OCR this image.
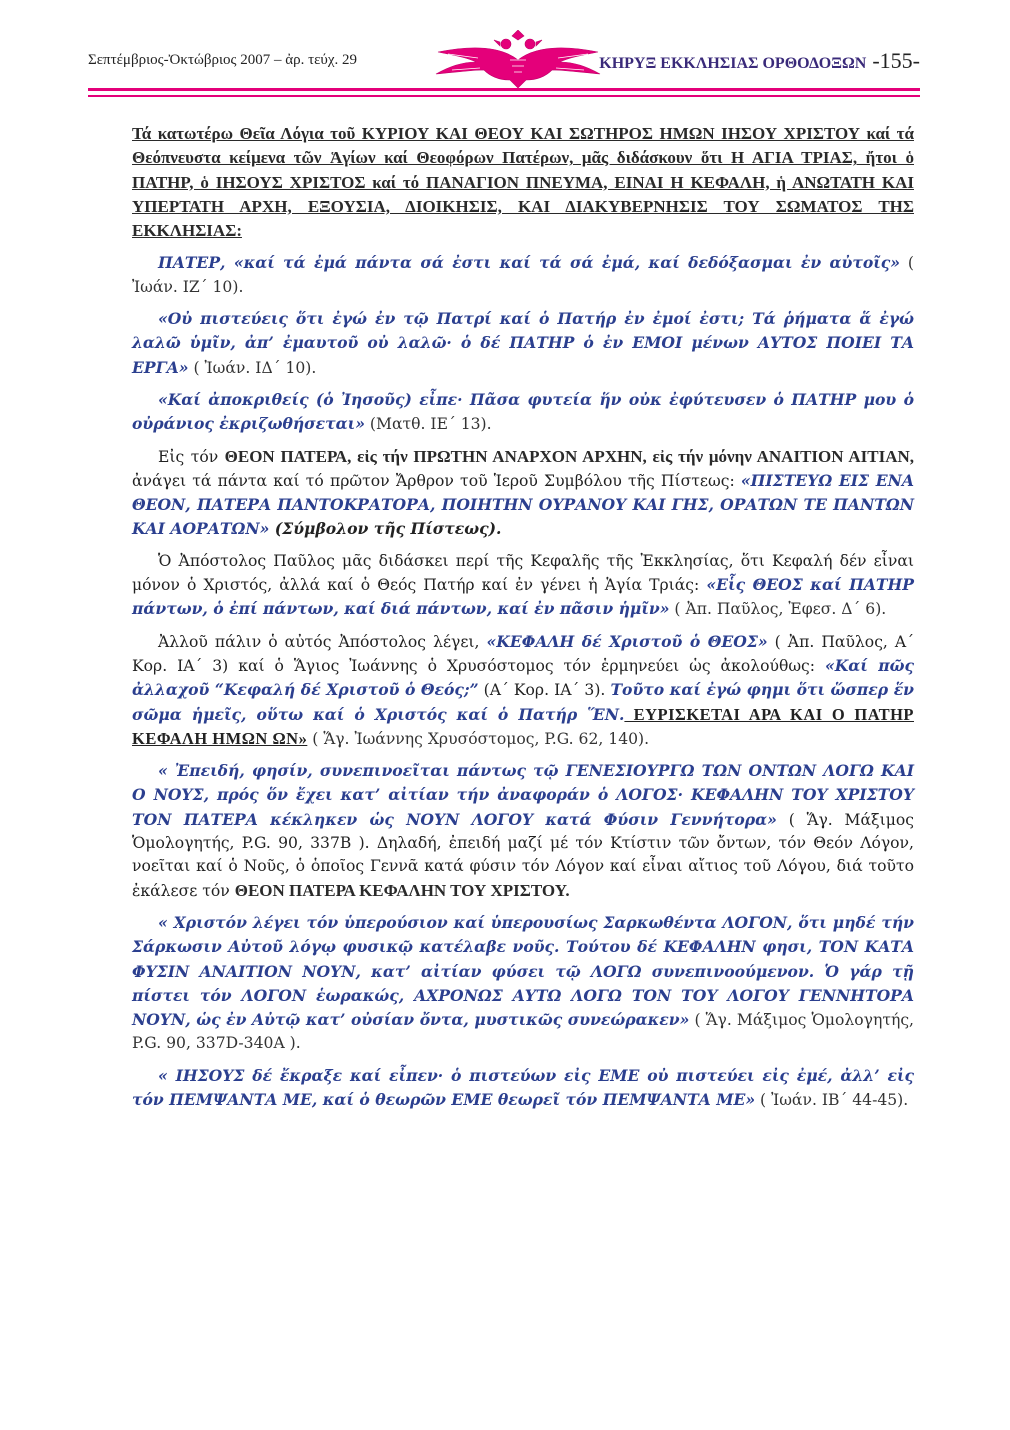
Σεπτέμβριος-Ὀκτώβριος 2007 – ἀρ. τεύχ. 29	ΚΗΡΥΞ ΕΚΚΛΗΣΙΑΣ ΟΡΘΟΔΟΞΩΝ -155-

Τά κατωτέρω Θεῖα Λόγια τοῦ ΚΥΡΙΟΥ ΚΑΙ ΘΕΟΥ ΚΑΙ ΣΩΤΗΡΟΣ ΗΜΩΝ ΙΗΣΟΥ ΧΡΙΣΤΟΥ καί τά Θεόπνευστα κείμενα τῶν Ἁγίων καί Θεοφόρων Πατέρων, μᾶς διδάσκουν ὅτι Η ΑΓΙΑ ΤΡΙΑΣ, ἤτοι ὁ ΠΑΤΗΡ, ὁ ΙΗΣΟΥΣ ΧΡΙΣΤΟΣ καί τό ΠΑΝΑΓΙΟΝ ΠΝΕΥΜΑ, ΕΙΝΑΙ Η ΚΕΦΑΛΗ, ἡ ΑΝΩΤΑΤΗ ΚΑΙ ΥΠΕΡΤΑΤΗ ΑΡΧΗ, ΕΞΟΥΣΙΑ, ΔΙΟΙΚΗΣΙΣ, ΚΑΙ ΔΙΑΚΥΒΕΡΝΗΣΙΣ ΤΟΥ ΣΩΜΑΤΟΣ ΤΗΣ ΕΚΚΛΗΣΙΑΣ:

ΠΑΤΕΡ, «καί τά ἐμά πάντα σά ἐστι καί τά σά ἐμά, καί δεδόξασμαι ἐν αὐτοῖς» ( Ἰωάν. ΙΖ΄ 10).

«Οὐ πιστεύεις ὅτι ἐγώ ἐν τῷ Πατρί καί ὁ Πατήρ ἐν ἐμοί ἐστι; Τά ῥήματα ἅ ἐγώ λαλῶ ὑμῖν, ἀπ’ ἐμαυτοῦ οὐ λαλῶ· ὁ δέ ΠΑΤΗΡ ὁ ἐν ΕΜΟΙ μένων ΑΥΤΟΣ ΠΟΙΕΙ ΤΑ ΕΡΓΑ» ( Ἰωάν. ΙΔ΄ 10).

«Καί ἀποκριθείς (ὁ Ἰησοῦς) εἶπε· Πᾶσα φυτεία ἥν οὐκ ἐφύτευσεν ὁ ΠΑΤΗΡ μου ὁ οὐράνιος ἐκριζωθήσεται» (Ματθ. ΙΕ΄ 13).

Εἰς τόν ΘΕΟΝ ΠΑΤΕΡΑ, εἰς τήν ΠΡΩΤΗΝ ΑΝΑΡΧΟΝ ΑΡΧΗΝ, εἰς τήν μόνην ΑΝΑΙΤΙΟΝ ΑΙΤΙΑΝ, ἀνάγει τά πάντα καί τό πρῶτον Ἄρθρον τοῦ Ἱεροῦ Συμβόλου τῆς Πίστεως: «ΠΙΣΤΕΥΩ ΕΙΣ ΕΝΑ ΘΕΟΝ, ΠΑΤΕΡΑ ΠΑΝΤΟΚΡΑΤΟΡΑ, ΠΟΙΗΤΗΝ ΟΥΡΑΝΟΥ ΚΑΙ ΓΗΣ, ΟΡΑΤΩΝ ΤΕ ΠΑΝΤΩΝ ΚΑΙ ΑΟΡΑΤΩΝ» (Σύμβολον τῆς Πίστεως).

Ὁ Ἀπόστολος Παῦλος μᾶς διδάσκει περί τῆς Κεφαλῆς τῆς Ἐκκλησίας, ὅτι Κεφαλή δέν εἶναι μόνον ὁ Χριστός, ἀλλά καί ὁ Θεός Πατήρ καί ἐν γένει ἡ Ἁγία Τριάς: «Εἷς ΘΕΟΣ καί ΠΑΤΗΡ πάντων, ὁ ἐπί πάντων, καί διά πάντων, καί ἐν πᾶσιν ἡμῖν» ( Ἀπ. Παῦλος, Ἐφεσ. Δ΄ 6).

Ἀλλοῦ πάλιν ὁ αὐτός Ἀπόστολος λέγει, «ΚΕΦΑΛΗ δέ Χριστοῦ ὁ ΘΕΟΣ» ( Ἀπ. Παῦλος, Α΄ Κορ. ΙΑ΄ 3) καί ὁ Ἅγιος Ἰωάννης ὁ Χρυσόστομος τόν ἑρμηνεύει ὡς ἀκολούθως: «Καί πῶς ἀλλαχοῦ “Κεφαλή δέ Χριστοῦ ὁ Θεός;” (Α΄ Κορ. ΙΑ΄ 3). Τοῦτο καί ἐγώ φημι ὅτι ὥσπερ ἕν σῶμα ἡμεῖς, οὕτω καί ὁ Χριστός καί ὁ Πατήρ ἝΝ. ΕΥΡΙΣΚΕΤΑΙ ΑΡΑ ΚΑΙ Ο ΠΑΤΗΡ ΚΕΦΑΛΗ ΗΜΩΝ ΩΝ» ( Ἅγ. Ἰωάννης Χρυσόστομος, P.G. 62, 140).

« Ἐπειδή, φησίν, συνεπινοεῖται πάντως τῷ ΓΕΝΕΣΙΟΥΡΓΩ ΤΩΝ ΟΝΤΩΝ ΛΟΓΩ ΚΑΙ Ο ΝΟΥΣ, πρός ὅν ἔχει κατ’ αἰτίαν τήν ἀναφοράν ὁ ΛΟΓΟΣ· ΚΕΦΑΛΗΝ ΤΟΥ ΧΡΙΣΤΟΥ ΤΟΝ ΠΑΤΕΡΑ κέκληκεν ὡς ΝΟΥΝ ΛΟΓΟΥ κατά Φύσιν Γεννήτορα» ( Ἅγ. Μάξιμος Ὁμολογητής, P.G. 90, 337Β ). Δηλαδή, ἐπειδή μαζί μέ τόν Κτίστιν τῶν ὄντων, τόν Θεόν Λόγον, νοεῖται καί ὁ Νοῦς, ὁ ὁποῖος Γεννᾶ κατά φύσιν τόν Λόγον καί εἶναι αἴτιος τοῦ Λόγου, διά τοῦτο ἐκάλεσε τόν ΘΕΟΝ ΠΑΤΕΡΑ ΚΕΦΑΛΗΝ ΤΟΥ ΧΡΙΣΤΟΥ.

« Χριστόν λέγει τόν ὑπερούσιον καί ὑπερουσίως Σαρκωθέντα ΛΟΓΟΝ, ὅτι μηδέ τήν Σάρκωσιν Αὐτοῦ λόγῳ φυσικῷ κατέλαβε νοῦς. Τούτου δέ ΚΕΦΑΛΗΝ φησι, ΤΟΝ ΚΑΤΑ ΦΥΣΙΝ ΑΝΑΙΤΙΟΝ ΝΟΥΝ, κατ’ αἰτίαν φύσει τῷ ΛΟΓΩ συνεπινοούμενον. Ὁ γάρ τῇ πίστει τόν ΛΟΓΟΝ ἑωρακώς, ΑΧΡΟΝΩΣ ΑΥΤΩ ΛΟΓΩ ΤΟΝ ΤΟΥ ΛΟΓΟΥ ΓΕΝΝΗΤΟΡΑ ΝΟΥΝ, ὡς ἐν Αὐτῷ κατ’ οὐσίαν ὄντα, μυστικῶς συνεώρακεν» ( Ἅγ. Μάξιμος Ὁμολογητής, P.G. 90, 337D-340Α ).

« ΙΗΣΟΥΣ δέ ἔκραξε καί εἶπεν· ὁ πιστεύων εἰς ΕΜΕ οὐ πιστεύει εἰς ἐμέ, ἀλλ’ εἰς τόν ΠΕΜΨΑΝΤΑ ΜΕ, καί ὁ θεωρῶν ΕΜΕ θεωρεῖ τόν ΠΕΜΨΑΝΤΑ ΜΕ» ( Ἰωάν. ΙΒ΄ 44-45).
